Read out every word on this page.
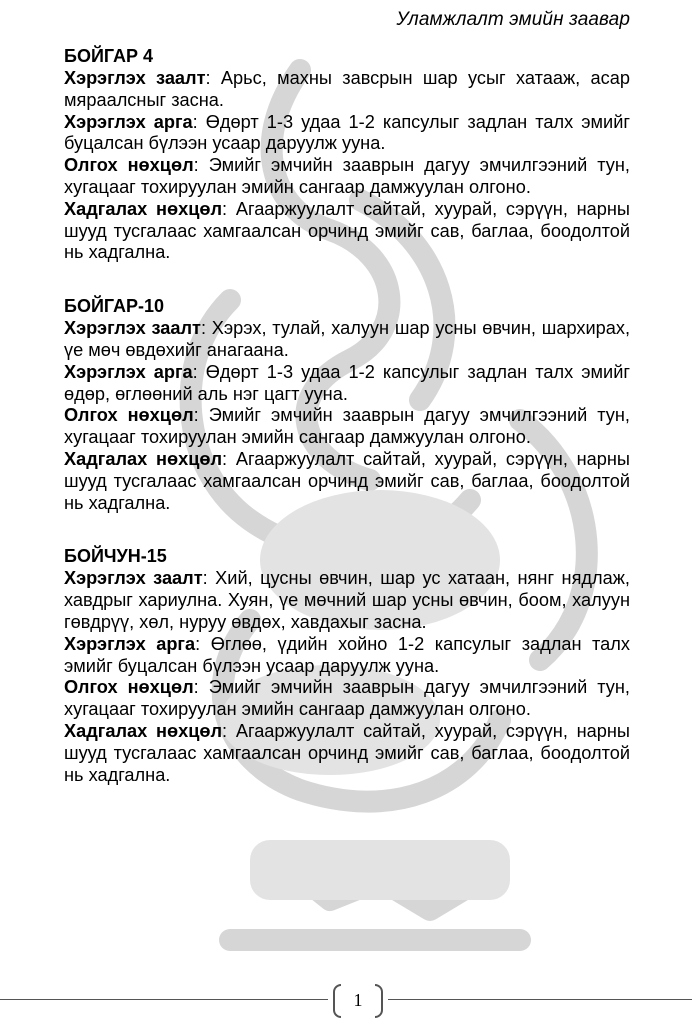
Уламжлалт эмийн заавар
БОЙГАР 4

Хэрэглэх заалт: Арьс, махны завсрын шар усыг хатааж, асар мяраалсныг засна.

Хэрэглэх арга: Өдөрт 1-3 удаа 1-2 капсулыг задлан талх эмийг буцалсан бүлээн усаар даруулж ууна.

Олгох нөхцөл: Эмийг эмчийн зааврын дагуу эмчилгээний тун, хугацааг тохируулан эмийн сангаар дамжуулан олгоно.

Хадгалах нөхцөл: Агааржуулалт сайтай, хуурай, сэрүүн, нарны шууд тусгалаас хамгаалсан орчинд эмийг сав, баглаа, боодолтой нь хадгална.

БОЙГАР-10

Хэрэглэх заалт: Хэрэх, тулай, халуун шар усны өвчин, шархирах, үе мөч өвдөхийг анагаана.

Хэрэглэх арга: Өдөрт 1-3 удаа 1-2 капсулыг задлан талх эмийг өдөр, өглөөний аль нэг цагт ууна.

Олгох нөхцөл: Эмийг эмчийн зааврын дагуу эмчилгээний тун, хугацааг тохируулан эмийн сангаар дамжуулан олгоно.

Хадгалах нөхцөл: Агааржуулалт сайтай, хуурай, сэрүүн, нарны шууд тусгалаас хамгаалсан орчинд эмийг сав, баглаа, боодолтой нь хадгална.

БОЙЧУН-15

Хэрэглэх заалт: Хий, цусны өвчин, шар ус хатаан, нянг нядлаж, хавдрыг хариулна. Хуян, үе мөчний шар усны өвчин, боом, халуун гөвдрүү, хөл, нуруу өвдөх, хавдахыг засна.

Хэрэглэх арга: Өглөө, үдийн хойно 1-2 капсулыг задлан талх эмийг буцалсан бүлээн усаар даруулж ууна.

Олгох нөхцөл: Эмийг эмчийн зааврын дагуу эмчилгээний тун, хугацааг тохируулан эмийн сангаар дамжуулан олгоно.

Хадгалах нөхцөл: Агааржуулалт сайтай, хуурай, сэрүүн, нарны шууд тусгалаас хамгаалсан орчинд эмийг сав, баглаа, боодолтой нь хадгална.

1
